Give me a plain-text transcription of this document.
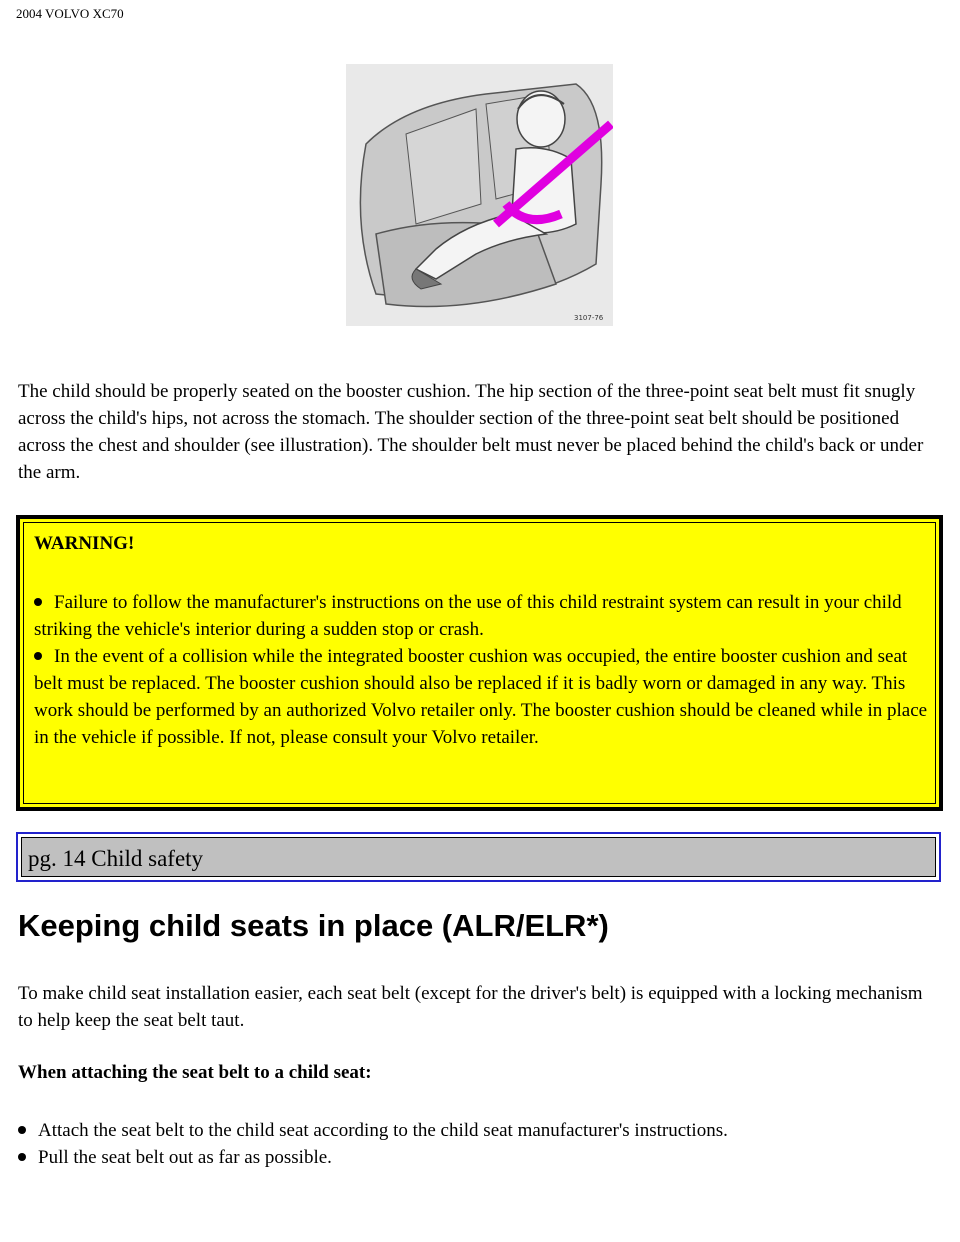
2004 VOLVO XC70
3107-76

The child should be properly seated on the booster cushion. The hip section of the three-point seat belt must fit snugly across the child's hips, not across the stomach. The shoulder section of the three-point seat belt should be positioned across the chest and shoulder (see illustration). The shoulder belt must never be placed behind the child's back or under the arm.

WARNING!

Failure to follow the manufacturer's instructions on the use of this child restraint system can result in your child striking the vehicle's interior during a sudden stop or crash.

In the event of a collision while the integrated booster cushion was occupied, the entire booster cushion and seat belt must be replaced. The booster cushion should also be replaced if it is badly worn or damaged in any way. This work should be performed by an authorized Volvo retailer only. The booster cushion should be cleaned while in place in the vehicle if possible. If not, please consult your Volvo retailer.

pg. 14 Child safety
Keeping child seats in place (ALR/ELR*)

To make child seat installation easier, each seat belt (except for the driver's belt) is equipped with a locking mechanism to help keep the seat belt taut.

When attaching the seat belt to a child seat:
Attach the seat belt to the child seat according to the child seat manufacturer's instructions.
Pull the seat belt out as far as possible.
